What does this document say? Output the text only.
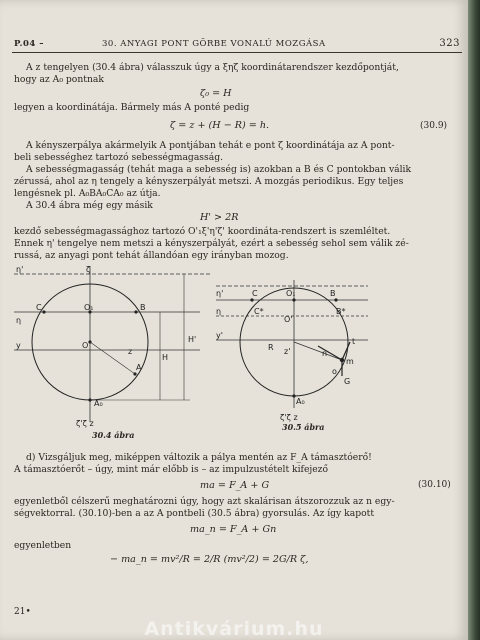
P.04 –	30. ANYAGI PONT GÖRBE VONALÚ MOZGÁSA	323
A z tengelyen (30.4 ábra) válasszuk úgy a ξηζ koordinátarendszer kezdőpontját,
hogy az A₀ pontnak
ζ₀ = H
legyen a koordinátája. Bármely más A ponté pedig
ζ = z + (H − R) = h.	(30.9)
A kényszerpálya akármelyik A pontjában tehát e pont ζ koordinátája az A pont-
beli sebességhez tartozó sebességmagasság.
A sebességmagasság (tehát maga a sebesség is) azokban a B és C pontokban válik
zérussá, ahol az η tengely a kényszerpályát metszi. A mozgás periodikus. Egy teljes
lengésnek pl. A₀BA₀CA₀ az útja.
A 30.4 ábra még egy másik
H' > 2R
kezdő sebességmagassághoz tartozó O'₁ξ'η'ζ' koordináta-rendszert is szemléltet.
Ennek η' tengelye nem metszi a kényszerpályát, ezért a sebesség sehol sem válik zé-
russá, az anyagi pont tehát állandóan egy irányban mozog.
η'	ζ
C	O₁	B
η
y	O
z
A
A₀
H
H'
ζ'ζ z
30.4 ábra
η'	C	O₁	B
η	C*
O'
B*
y'
R z'	n
t
m
o
G
A₀
ζ'ζ z
30.5 ábra
d) Vizsgáljuk meg, miképpen változik a pálya mentén az F_A támasztóerő!
A támasztóerőt – úgy, mint már előbb is – az impulzustételt kifejező
ma = F_A + G	(30.10)
egyenletből célszerű meghatározni úgy, hogy azt skalárisan átszorozzuk az n egy-
ségvektorral. (30.10)-ben a az A pontbeli (30.5 ábra) gyorsulás. Az így kapott
ma_n = F_A + Gn
egyenletben
− ma_n = mv²/R = 2/R (mv²/2) = 2G/R ζ,
21•
Antikvárium.hu
